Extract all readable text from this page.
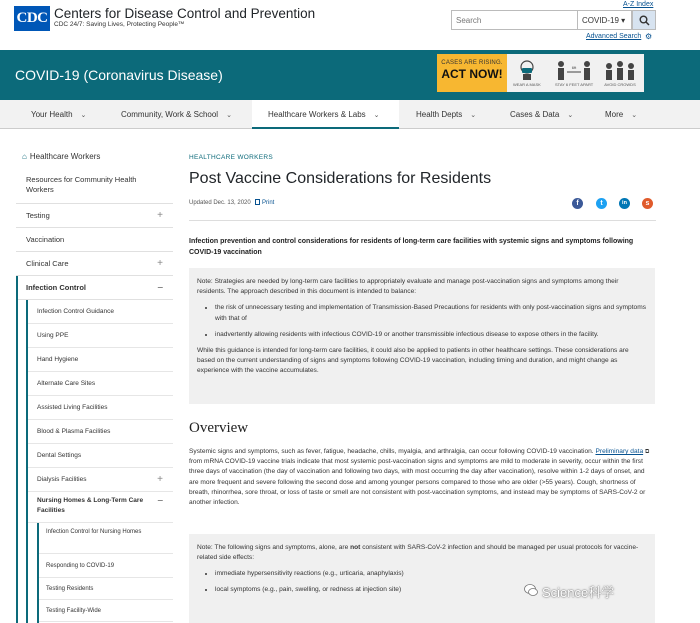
CDC Centers for Disease Control and Prevention
CDC 24/7: Saving Lives, Protecting People™
A-Z Index
Search	COVID-19 ▾
Advanced Search ⚙
COVID-19 (Coronavirus Disease)
CASES ARE RISING.
ACT NOW!
WEAR A MASK
6ft
STAY 6 FEET APART	AVOID CROWDS
Your Health ⌄	Community, Work & School ⌄	Healthcare Workers & Labs ⌄	Health Depts ⌄	Cases & Data ⌄	More ⌄
⌂ Healthcare Workers
Resources for Community Health Workers
Testing	+
Vaccination
Clinical Care	+
Infection Control	–
Infection Control Guidance
Using PPE
Hand Hygiene
Alternate Care Sites
Assisted Living Facilities
Blood & Plasma Facilities
Dental Settings
Dialysis Facilities	+
Nursing Homes & Long-Term Care Facilities
–
Infection Control for Nursing Homes
Responding to COVID-19
Testing Residents
Testing Facility-Wide
HEALTHCARE WORKERS
Post Vaccine Considerations for Residents
Updated Dec. 13, 2020 Print	f	t	in	s
Infection prevention and control considerations for residents of long-term care facilities with systemic signs and symptoms following COVID-19 vaccination

Note: Strategies are needed by long-term care facilities to appropriately evaluate and manage post-vaccination signs and symptoms among their residents. The approach described in this document is intended to balance:

• the risk of unnecessary testing and implementation of Transmission-Based Precautions for residents with only post-vaccination signs and symptoms with that of
• inadvertently allowing residents with infectious COVID-19 or another transmissible infectious disease to expose others in the facility.

While this guidance is intended for long-term care facilities, it could also be applied to patients in other healthcare settings. These considerations are based on the current understanding of signs and symptoms following COVID-19 vaccination, including timing and duration, and might change as experience with the vaccine accumulates.

Overview

Systemic signs and symptoms, such as fever, fatigue, headache, chills, myalgia, and arthralgia, can occur following COVID-19 vaccination. Preliminary data ⧉ from mRNA COVID-19 vaccine trials indicate that most systemic post-vaccination signs and symptoms are mild to moderate in severity, occur within the first three days of vaccination (the day of vaccination and following two days, with most occurring the day after vaccination), resolve within 1-2 days of onset, and are more frequent and severe following the second dose and among younger persons compared to those who are older (>55 years). Cough, shortness of breath, rhinorrhea, sore throat, or loss of taste or smell are not consistent with post-vaccination symptoms, and instead may be symptoms of SARS-CoV-2 or another infection.

Note: The following signs and symptoms, alone, are not consistent with SARS-CoV-2 infection and should be managed per usual protocols for vaccine-related side effects:

• immediate hypersensitivity reactions (e.g., urticaria, anaphylaxis)
• local symptoms (e.g., pain, swelling, or redness at injection site)	Science科学
